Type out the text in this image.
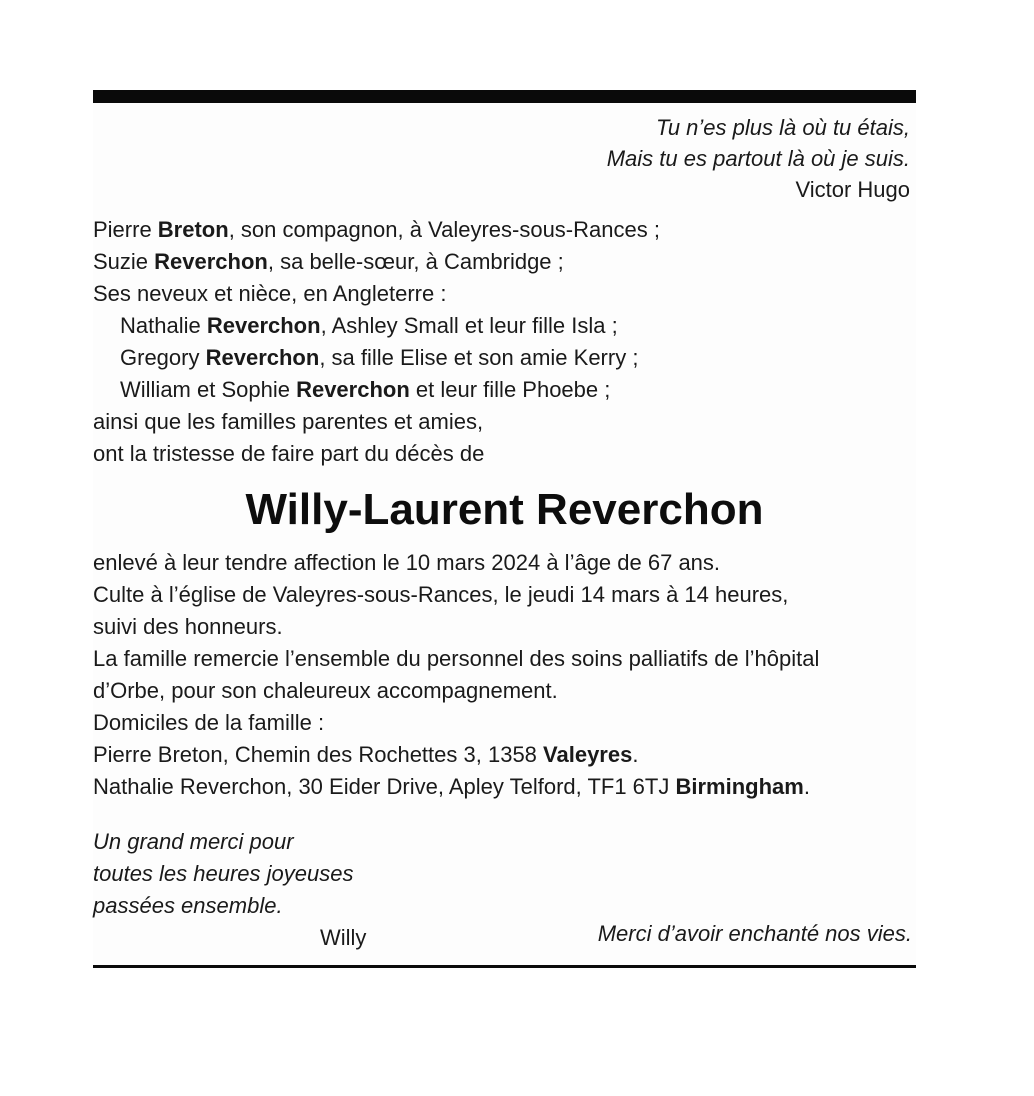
Tu n’es plus là où tu étais,
Mais tu es partout là où je suis.
Victor Hugo
Pierre Breton, son compagnon, à Valeyres-sous-Rances ;
Suzie Reverchon, sa belle-sœur, à Cambridge ;
Ses neveux et nièce, en Angleterre :
Nathalie Reverchon, Ashley Small et leur fille Isla ;
Gregory Reverchon, sa fille Elise et son amie Kerry ;
William et Sophie Reverchon et leur fille Phoebe ;
ainsi que les familles parentes et amies,
ont la tristesse de faire part du décès de
Willy-Laurent Reverchon
enlevé à leur tendre affection le 10 mars 2024 à l’âge de 67 ans.
Culte à l’église de Valeyres-sous-Rances, le jeudi 14 mars à 14 heures,
suivi des honneurs.
La famille remercie l’ensemble du personnel des soins palliatifs de l’hôpital
d’Orbe, pour son chaleureux accompagnement.
Domiciles de la famille :
Pierre Breton, Chemin des Rochettes 3, 1358 Valeyres.
Nathalie Reverchon, 30 Eider Drive, Apley Telford, TF1 6TJ Birmingham.
Un grand merci pour
toutes les heures joyeuses
passées ensemble.
Willy	Merci d’avoir enchanté nos vies.
